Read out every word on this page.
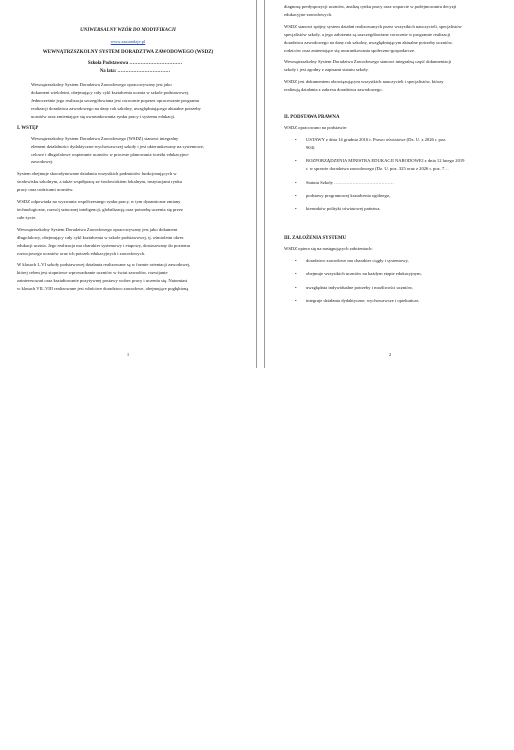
UNIWERSALNY WZÓR DO MODYFIKACJI

www.zasiandzje.pl

WEWNĄTRZSZKOLNY SYSTEM DORADZTWA ZAWODOWEGO (WSDZ)

Szkoła Podstawowa ……………………………

Na lata: ……………………………

Wewnątrzszkolny System Doradztwa Zawodowego opracowywany jest jako
dokument wieloletni, obejmujący cały cykl kształcenia ucznia w szkole podstawowej.
Jednocześnie jego realizacja szczegółowiana jest corocznie poprzez opracowanie programu
realizacji doradztwa zawodowego na dany rok szkolny, uwzględniającego aktualne potrzeby
uczniów oraz zmieniające się uwarunkowania rynku pracy i systemu edukacji.
I. WSTĘP
Wewnątrzszkolny System Doradztwa Zawodowego (WSDZ) stanowi integralny
element działalności dydaktyczno-wychowawczej szkoły i jest ukierunkowany na systemowe,
celowe i długofalowe wspieranie uczniów w procesie planowania ścieżki edukacyjno-
zawodowej.
System obejmuje skoordynowane działania wszystkich podmiotów funkcjonujących w
środowisku szkolnym, a także współpracę ze środowiskiem lokalnym, instytucjami rynku
pracy oraz rodzicami uczniów.
WSDZ odpowiada na wyzwania współczesnego rynku pracy, w tym dynamiczne zmiany
technologiczne, rozwój sztucznej inteligencji, globalizację oraz potrzebę uczenia się przez
całe życie.
Wewnątrzszkolny System Doradztwa Zawodowego opracowywany jest jako dokument
długofalowy, obejmujący cały cykl kształcenia w szkole podstawowej, tj. ośmioletni okres
edukacji ucznia. Jego realizacja ma charakter systemowy i etapowy, dostosowany do poziomu
rozwojowego uczniów oraz ich potrzeb edukacyjnych i zawodowych.
W klasach I–VI szkoły podstawowej działania realizowane są w formie orientacji zawodowej,
której celem jest stopniowe wprowadzanie uczniów w świat zawodów, rozwijanie
zainteresowań oraz kształtowanie pozytywnej postawy wobec pracy i uczenia się. Natomiast
w klasach VII–VIII realizowane jest właściwe doradztwo zawodowe, obejmujące pogłębioną
1
diagnozę predyspozycji uczniów, analizę rynku pracy oraz wsparcie w podejmowaniu decyzji
edukacyjno-zawodowych.
WSDZ stanowi spójny system działań realizowanych przez wszystkich nauczycieli, specjalistów
specjalistów szkoły, a jego założenia są uszczegóławiane corocznie w programie realizacji
doradztwa zawodowego na dany rok szkolny, uwzględniającym aktualne potrzeby uczniów,
rodziców oraz zmieniające się uwarunkowania społeczno-gospodarcze.
Wewnątrzszkolny System Doradztwa Zawodowego stanowi integralną część dokumentacji
szkoły i jest zgodny z zapisami statutu szkoły.
WSDZ jest dokumentem obowiązującym wszystkich nauczycieli i specjalistów, którzy
realizują działania z zakresu doradztwa zawodowego.
II. PODSTAWA PRAWNA

WSDZ opracowano na podstawie:

• USTAWY z dnia 14 grudnia 2016 r. Prawo oświatowe (Dz. U. z 2026 r. poz.
904)
• ROZPORZĄDZENIA MINISTRA EDUKACJI NARODOWEJ z dnia 12 lutego 2019
r. w sprawie doradztwa zawodowego (Dz. U. poz. 325 oraz z 2026 r. poz. 7…
• Statutu Szkoły …………………………………
• podstawy programowej kształcenia ogólnego,
• kierunków polityki oświatowej państwa.
III. ZAŁOŻENIA SYSTEMU

WSDZ opiera się na następujących założeniach:

• doradztwo zawodowe ma charakter ciągły i systemowy,
• obejmuje wszystkich uczniów na każdym etapie edukacyjnym,
• uwzględnia indywidualne potrzeby i możliwości uczniów,
• integruje działania dydaktyczne, wychowawcze i opiekuńcze,
2
